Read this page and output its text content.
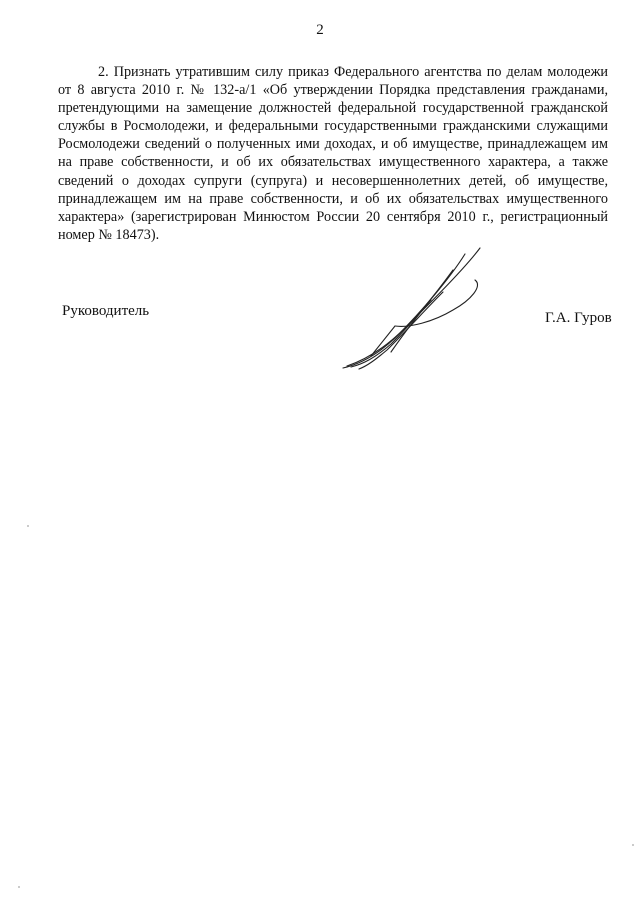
2

2. Признать утратившим силу приказ Федерального агентства по делам молодежи от 8 августа 2010 г. № 132-а/1 «Об утверждении Порядка представления гражданами, претендующими на замещение должностей федеральной государственной гражданской службы в Росмолодежи, и федеральными государственными гражданскими служащими Росмолодежи сведений о полученных ими доходах, и об имуществе, принадлежащем им на праве собственности, и об их обязательствах имущественного характера, а также сведений о доходах супруги (супруга) и несовершеннолетних детей, об имуществе, принадлежащем им на праве собственности, и об их обязательствах имущественного характера» (зарегистрирован Минюстом России 20 сентября 2010 г., регистрационный номер № 18473).

Руководитель	Г.А. Гуров
